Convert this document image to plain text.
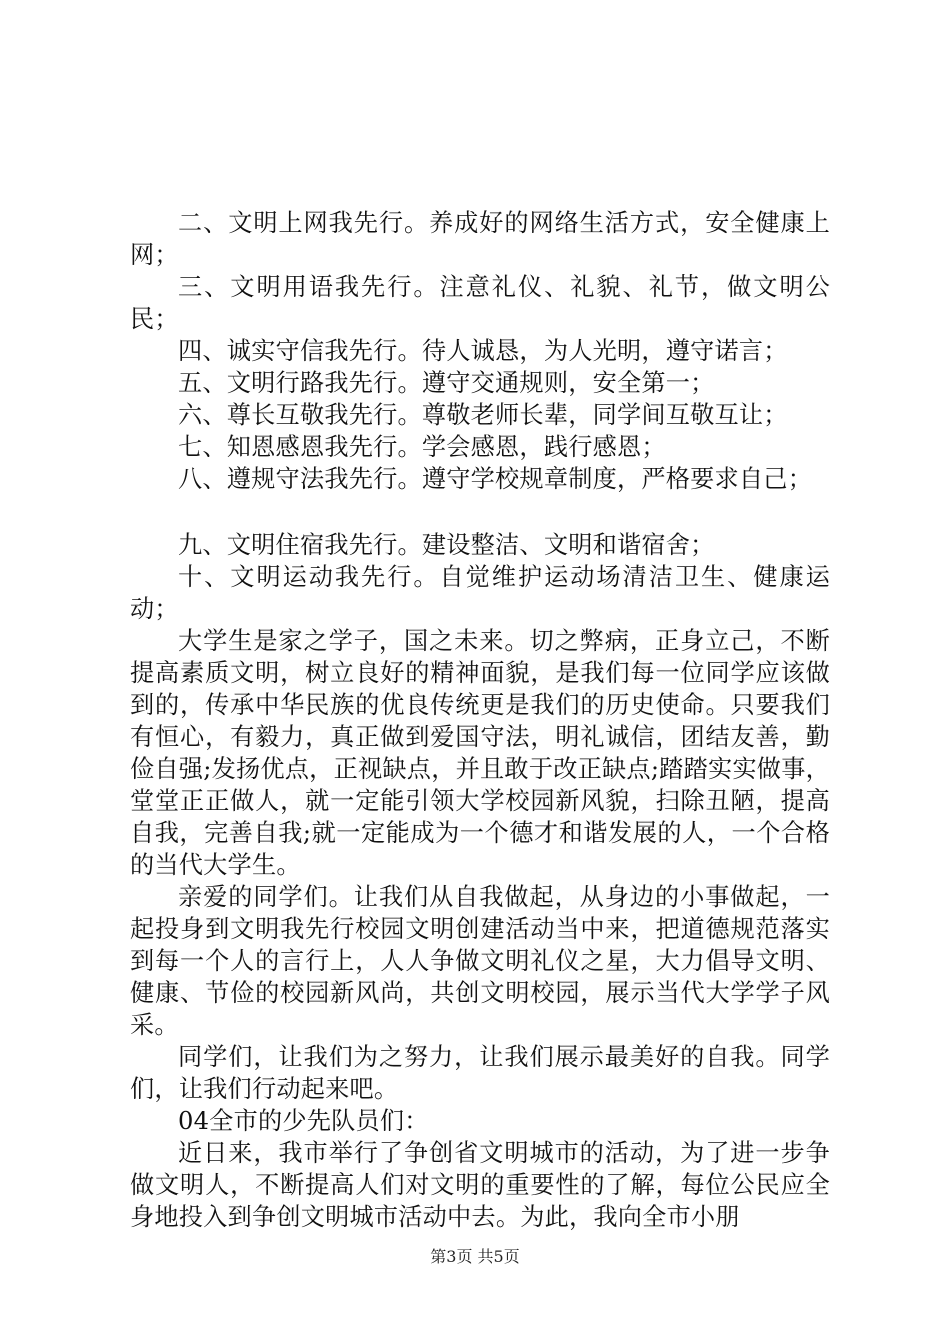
二、文明上网我先行。养成好的网络生活方式，安全健康上网；

三、文明用语我先行。注意礼仪、礼貌、礼节，做文明公民；

四、诚实守信我先行。待人诚恳，为人光明，遵守诺言；

五、文明行路我先行。遵守交通规则，安全第一；

六、尊长互敬我先行。尊敬老师长辈，同学间互敬互让；

七、知恩感恩我先行。学会感恩，践行感恩；

八、遵规守法我先行。遵守学校规章制度，严格要求自己；

九、文明住宿我先行。建设整洁、文明和谐宿舍；

十、文明运动我先行。自觉维护运动场清洁卫生、健康运动；

大学生是家之学子，国之未来。切之弊病，正身立己，不断提高素质文明，树立良好的精神面貌，是我们每一位同学应该做到的，传承中华民族的优良传统更是我们的历史使命。只要我们有恒心，有毅力，真正做到爱国守法，明礼诚信，团结友善，勤俭自强;发扬优点，正视缺点，并且敢于改正缺点;踏踏实实做事，堂堂正正做人，就一定能引领大学校园新风貌，扫除丑陋，提高自我，完善自我;就一定能成为一个德才和谐发展的人，一个合格的当代大学生。

亲爱的同学们。让我们从自我做起，从身边的小事做起，一起投身到文明我先行校园文明创建活动当中来，把道德规范落实到每一个人的言行上，人人争做文明礼仪之星，大力倡导文明、健康、节俭的校园新风尚，共创文明校园，展示当代大学学子风采。

同学们，让我们为之努力，让我们展示最美好的自我。同学们，让我们行动起来吧。

04全市的少先队员们：

近日来，我市举行了争创省文明城市的活动，为了进一步争做文明人，不断提高人们对文明的重要性的了解，每位公民应全身地投入到争创文明城市活动中去。为此，我向全市小朋

第3页 共5页
